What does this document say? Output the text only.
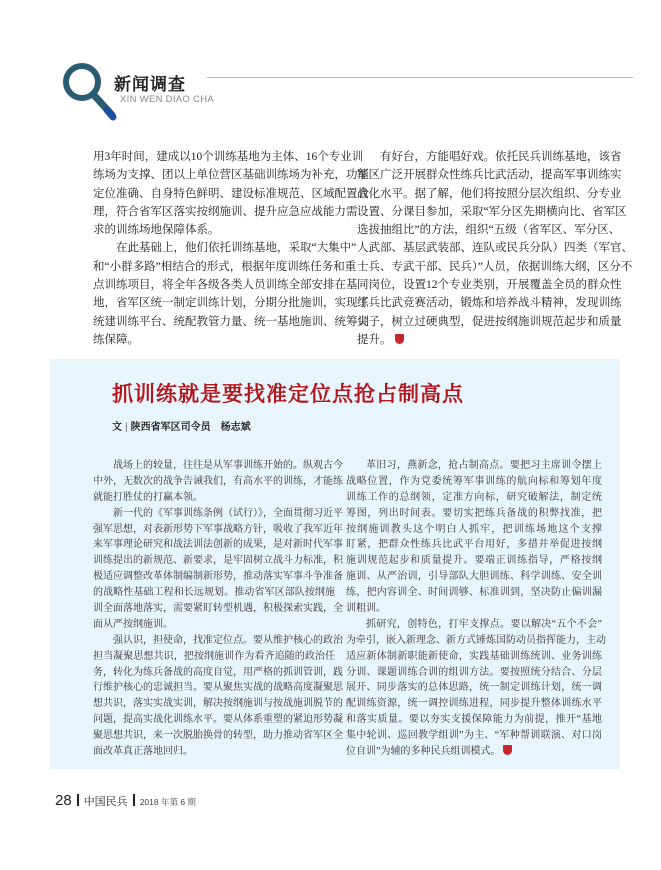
新闻调查
XIN WEN DIAO CHA
用3年时间，建成以10个训练基地为主体、16个专业训
练场为支撑、团以上单位营区基础训练场为补充，功能
定位准确、自身特色鲜明、建设标准规范、区域配置合
理，符合省军区落实按纲施训、提升应急应战能力需
求的训练场地保障体系。
在此基础上，他们依托训练基地，采取“大集中”
和“小群多路”相结合的形式，根据年度训练任务和重
点训练项目，将全年各级各类人员训练全部安排在基
地，省军区统一制定训练计划，分期分批施训，实现了
统建训练平台、统配教管力量、统一基地施训、统筹训
练保障。
有好台，方能唱好戏。依托民兵训练基地，该省
军区广泛开展群众性练兵比武活动，提高军事训练实
战化水平。据了解，他们将按照分层次组织、分专业
设置、分课目参加，采取“军分区先期横向比、省军区
选拔抽组比”的方法，组织“五级（省军区、军分区、
人武部、基层武装部、连队或民兵分队）四类（军官、
士兵、专武干部、民兵）”人员，依据训练大纲，区分不
同岗位，设置12个专业类别，开展覆盖全员的群众性
练兵比武竞赛活动，锻炼和培养战斗精神，发现训练
尖子，树立过硬典型，促进按纲施训规范起步和质量
提升。
抓训练就是要找准定位点抢占制高点
文 | 陕西省军区司令员　杨志斌
战场上的较量，往往是从军事训练开始的。纵观古今
中外，无数次的战争告诫我们，有高水平的训练，才能练
就能打胜仗的打赢本领。
新一代的《军事训练条例（试行）》，全面贯彻习近平
强军思想，对表新形势下军事战略方针，吸收了我军近年
来军事理论研究和战法训法创新的成果，是对新时代军事
训练提出的新规范、新要求，是牢固树立战斗力标准，积
极适应调整改革体制编制新形势，推动落实军事斗争准备
的战略性基础工程和长远规划。推动省军区部队按纲施
训全面落地落实，需要紧盯转型机遇，积极探索实践，全
面从严按纲施训。
强认识，担使命，找准定位点。要从维护核心的政治
担当凝聚思想共识，把按纲施训作为看齐追随的政治任
务，转化为练兵备战的高度自觉，用严格的抓训管训，践
行维护核心的忠诚担当。要从聚焦实战的战略高度凝聚思
想共识，落实实战实训，解决按纲施训与按战施训脱节的
问题，提高实战化训练水平。要从体系重塑的紧迫形势凝
聚思想共识，来一次脱胎换骨的转型，助力推动省军区全
面改革真正落地回归。
革旧习，燕新念，抢占制高点。要把习主席训令摆上
战略位置，作为党委统筹军事训练的航向标和筹划年度
训练工作的总纲领，定准方向标，研究破解法，制定统
筹图，列出时间表。要切实把练兵备战的积弊找准，把
按纲施训教头这个明白人抓牢，把训练场地这个支撑
盯紧，把群众性练兵比武平台用好，多措并举促进按纲
施训规范起步和质量提升。要端正训练指导，严格按纲
施训、从严治训，引导部队大胆训练、科学训练、安全训
练，把内容训全、时间训够、标准训到，坚决防止偏训漏
训粗训。
抓研究，创特色，打牢支撑点。要以解决“五个不会”
为牵引，嵌入新理念、新方式锤炼国防动员指挥能力，主动
适应新体制新职能新使命，实践基础训练统训、业务训练
分训、课题训练合训的组训方法。要按照统分结合、分层
展开、同步落实的总体思路，统一制定训练计划，统一调
配训练资源，统一调控训练进程，同步提升整体训练水平
和落实质量。要以夯实支援保障能力为前提，推开“基地
集中轮训、巡回教学组训”为主、“军种帮训联演、对口岗
位自训”为辅的多种民兵组训模式。
28 中国民兵 2018 年第 6 期
